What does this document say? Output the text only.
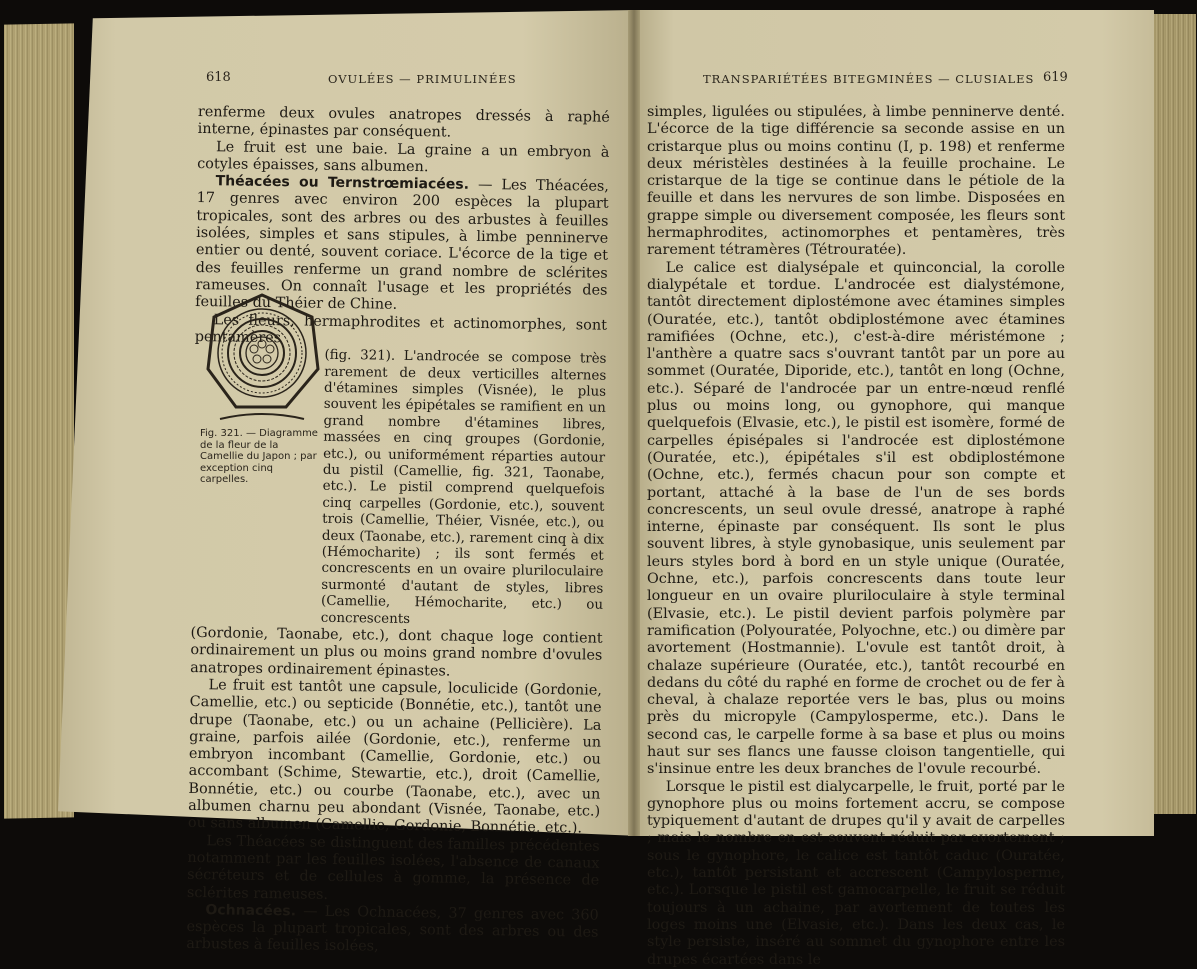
618	OVULÉES — PRIMULINÉES	TRANSPARIÉTÉES BITEGMINÉES — CLUSIALES 619

renferme deux ovules anatropes dressés à raphé interne, épinastes par conséquent.

Le fruit est une baie. La graine a un embryon à cotyles épaisses, sans albumen.

Théacées ou Ternstrœmiacées. — Les Théacées, 17 genres avec environ 200 espèces la plupart tropicales, sont des arbres ou des arbustes à feuilles isolées, simples et sans stipules, à limbe penninerve entier ou denté, souvent coriace. L'écorce de la tige et des feuilles renferme un grand nombre de sclérites rameuses. On connaît l'usage et les propriétés des feuilles du Théier de Chine.

Les fleurs, hermaphrodites et actinomorphes, sont pentamères

(fig. 321). L'androcée se compose très rarement de deux verticilles alternes d'étamines simples (Visnée), le plus souvent les épipétales se ramifient en un grand nombre d'étamines libres, massées en cinq groupes (Gordonie, etc.), ou uniformément réparties autour du pistil (Camellie, fig. 321, Taonabe, etc.). Le pistil comprend quelquefois cinq carpelles (Gordonie, etc.), souvent trois (Camellie, Théier, Visnée, etc.), ou deux (Taonabe, etc.), rarement cinq à dix (Hémocharite) ; ils sont fermés et concrescents en un ovaire pluriloculaire surmonté d'autant de styles, libres (Camellie, Hémocharite, etc.) ou concrescents

(Gordonie, Taonabe, etc.), dont chaque loge contient ordinairement un plus ou moins grand nombre d'ovules anatropes ordinairement épinastes.

Le fruit est tantôt une capsule, loculicide (Gordonie, Camellie, etc.) ou septicide (Bonnétie, etc.), tantôt une drupe (Taonabe, etc.) ou un achaine (Pellicière). La graine, parfois ailée (Gordonie, etc.), renferme un embryon incombant (Camellie, Gordonie, etc.) ou accombant (Schime, Stewartie, etc.), droit (Camellie, Bonnétie, etc.) ou courbe (Taonabe, etc.), avec un albumen charnu peu abondant (Visnée, Taonabe, etc.) ou sans albumen (Camellie, Gordonie, Bonnétie, etc.).

Les Théacées se distinguent des familles précédentes notamment par les feuilles isolées, l'absence de canaux sécréteurs et de cellules à gomme, la présence de sclérites rameuses.

Ochnacées. — Les Ochnacées, 37 genres avec 360 espèces la plupart tropicales, sont des arbres ou des arbustes à feuilles isolées,

Fig. 321. — Diagramme de la fleur de la Camellie du Japon ; par exception cinq carpelles.

simples, ligulées ou stipulées, à limbe penninerve denté. L'écorce de la tige différencie sa seconde assise en un cristarque plus ou moins continu (I, p. 198) et renferme deux méristèles destinées à la feuille prochaine. Le cristarque de la tige se continue dans le pétiole de la feuille et dans les nervures de son limbe. Disposées en grappe simple ou diversement composée, les fleurs sont hermaphrodites, actinomorphes et pentamères, très rarement tétramères (Tétrouratée).

Le calice est dialysépale et quinconcial, la corolle dialypétale et tordue. L'androcée est dialystémone, tantôt directement diplostémone avec étamines simples (Ouratée, etc.), tantôt obdiplostémone avec étamines ramifiées (Ochne, etc.), c'est-à-dire méristémone ; l'anthère a quatre sacs s'ouvrant tantôt par un pore au sommet (Ouratée, Diporide, etc.), tantôt en long (Ochne, etc.). Séparé de l'androcée par un entre-nœud renflé plus ou moins long, ou gynophore, qui manque quelquefois (Elvasie, etc.), le pistil est isomère, formé de carpelles épisépales si l'androcée est diplostémone (Ouratée, etc.), épipétales s'il est obdiplostémone (Ochne, etc.), fermés chacun pour son compte et portant, attaché à la base de l'un de ses bords concrescents, un seul ovule dressé, anatrope à raphé interne, épinaste par conséquent. Ils sont le plus souvent libres, à style gynobasique, unis seulement par leurs styles bord à bord en un style unique (Ouratée, Ochne, etc.), parfois concrescents dans toute leur longueur en un ovaire pluriloculaire à style terminal (Elvasie, etc.). Le pistil devient parfois polymère par ramification (Polyouratée, Polyochne, etc.) ou dimère par avortement (Hostmannie). L'ovule est tantôt droit, à chalaze supérieure (Ouratée, etc.), tantôt recourbé en dedans du côté du raphé en forme de crochet ou de fer à cheval, à chalaze reportée vers le bas, plus ou moins près du micropyle (Campylosperme, etc.). Dans le second cas, le carpelle forme à sa base et plus ou moins haut sur ses flancs une fausse cloison tangentielle, qui s'insinue entre les deux branches de l'ovule recourbé.

Lorsque le pistil est dialycarpelle, le fruit, porté par le gynophore plus ou moins fortement accru, se compose typiquement d'autant de drupes qu'il y avait de carpelles ; mais le nombre en est souvent réduit par avortement ; sous le gynophore, le calice est tantôt caduc (Ouratée, etc.), tantôt persistant et accrescent (Campylosperme, etc.). Lorsque le pistil est gamocarpelle, le fruit se réduit toujours à un achaine, par avortement de toutes les loges moins une (Elvasie, etc.). Dans les deux cas, le style persiste, inséré au sommet du gynophore entre les drupes écartées dans le
